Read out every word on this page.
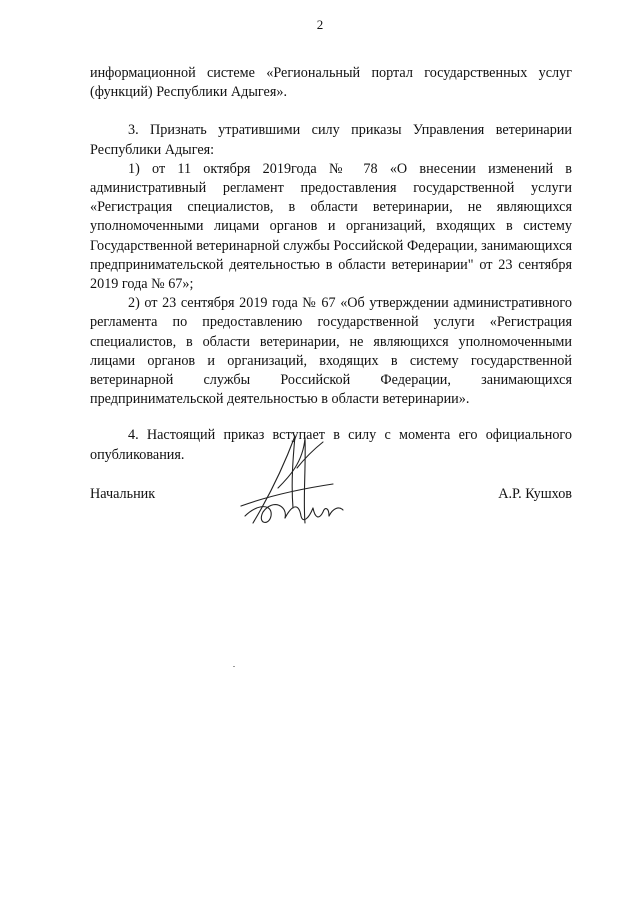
2

информационной системе «Региональный портал государственных услуг (функций) Республики Адыгея».

3. Признать утратившими силу приказы Управления ветеринарии Республики Адыгея:

1) от 11 октября 2019года № 78 «О внесении изменений в административный регламент предоставления государственной услуги «Регистрация специалистов, в области ветеринарии, не являющихся уполномоченными лицами органов и организаций, входящих в систему Государственной ветеринарной службы Российской Федерации, занимающихся предпринимательской деятельностью в области ветеринарии" от 23 сентября 2019 года № 67»;

2) от 23 сентября 2019 года № 67 «Об утверждении административного регламента по предоставлению государственной услуги «Регистрация специалистов, в области ветеринарии, не являющихся уполномоченными лицами органов и организаций, входящих в систему государственной ветеринарной службы Российской Федерации, занимающихся предпринимательской деятельностью в области ветеринарии».

4. Настоящий приказ вступает в силу с момента его официального опубликования.

Начальник	А.Р. Кушхов
